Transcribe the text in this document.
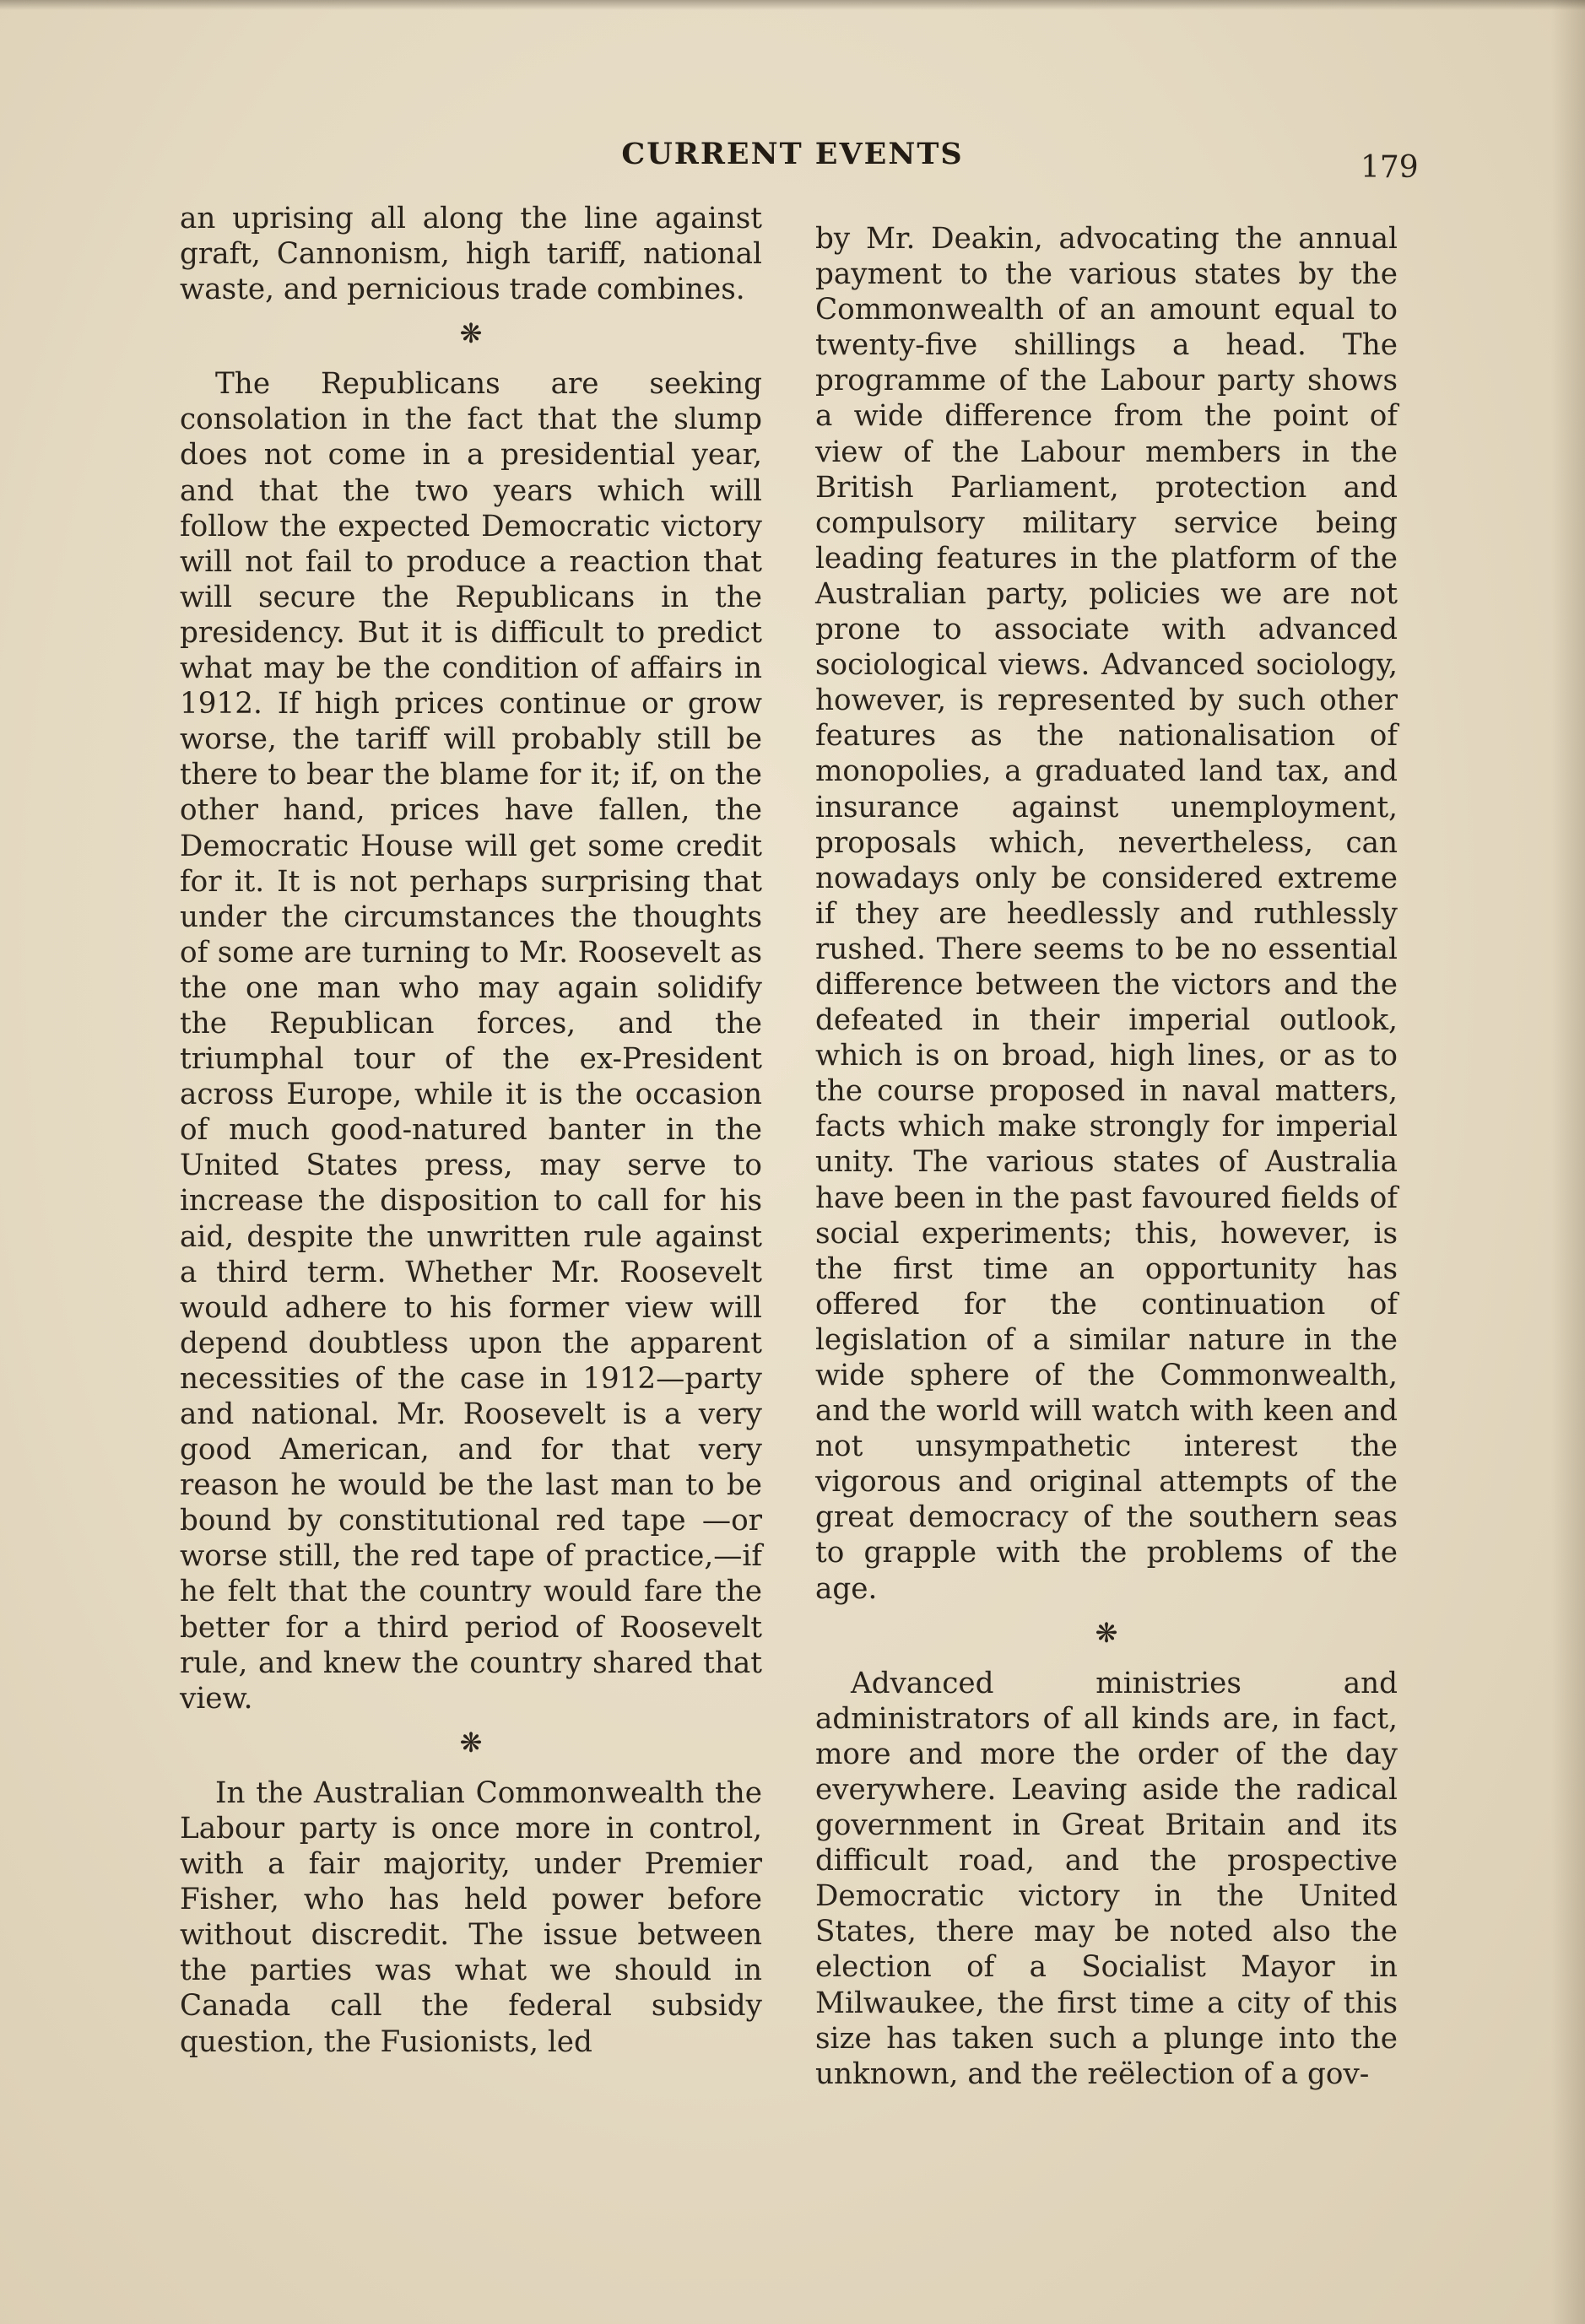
CURRENT EVENTS	179

an uprising all along the line against graft, Cannonism, high tariff, national waste, and pernicious trade combines.

❋

The Republicans are seeking consolation in the fact that the slump does not come in a presidential year, and that the two years which will follow the expected Democratic victory will not fail to produce a reaction that will secure the Republicans in the presidency. But it is difficult to predict what may be the condition of affairs in 1912. If high prices continue or grow worse, the tariff will probably still be there to bear the blame for it; if, on the other hand, prices have fallen, the Democratic House will get some credit for it. It is not perhaps surprising that under the circumstances the thoughts of some are turning to Mr. Roosevelt as the one man who may again solidify the Republican forces, and the triumphal tour of the ex-President across Europe, while it is the occasion of much good-natured banter in the United States press, may serve to increase the disposition to call for his aid, despite the unwritten rule against a third term. Whether Mr. Roosevelt would adhere to his former view will depend doubtless upon the apparent necessities of the case in 1912—party and national. Mr. Roosevelt is a very good American, and for that very reason he would be the last man to be bound by constitutional red tape —or worse still, the red tape of practice,—if he felt that the country would fare the better for a third period of Roosevelt rule, and knew the country shared that view.

❋

In the Australian Commonwealth the Labour party is once more in control, with a fair majority, under Premier Fisher, who has held power before without discredit. The issue between the parties was what we should in Canada call the federal subsidy question, the Fusionists, led

by Mr. Deakin, advocating the annual payment to the various states by the Commonwealth of an amount equal to twenty-five shillings a head. The programme of the Labour party shows a wide difference from the point of view of the Labour members in the British Parliament, protection and compulsory military service being leading features in the platform of the Australian party, policies we are not prone to associate with advanced sociological views. Advanced sociology, however, is represented by such other features as the nationalisation of monopolies, a graduated land tax, and insurance against unemployment, proposals which, nevertheless, can nowadays only be considered extreme if they are heedlessly and ruthlessly rushed. There seems to be no essential difference between the victors and the defeated in their imperial outlook, which is on broad, high lines, or as to the course proposed in naval matters, facts which make strongly for imperial unity. The various states of Australia have been in the past favoured fields of social experiments; this, however, is the first time an opportunity has offered for the continuation of legislation of a similar nature in the wide sphere of the Commonwealth, and the world will watch with keen and not unsympathetic interest the vigorous and original attempts of the great democracy of the southern seas to grapple with the problems of the age.

❋

Advanced ministries and administrators of all kinds are, in fact, more and more the order of the day everywhere. Leaving aside the radical government in Great Britain and its difficult road, and the prospective Democratic victory in the United States, there may be noted also the election of a Socialist Mayor in Milwaukee, the first time a city of this size has taken such a plunge into the unknown, and the reëlection of a gov-
